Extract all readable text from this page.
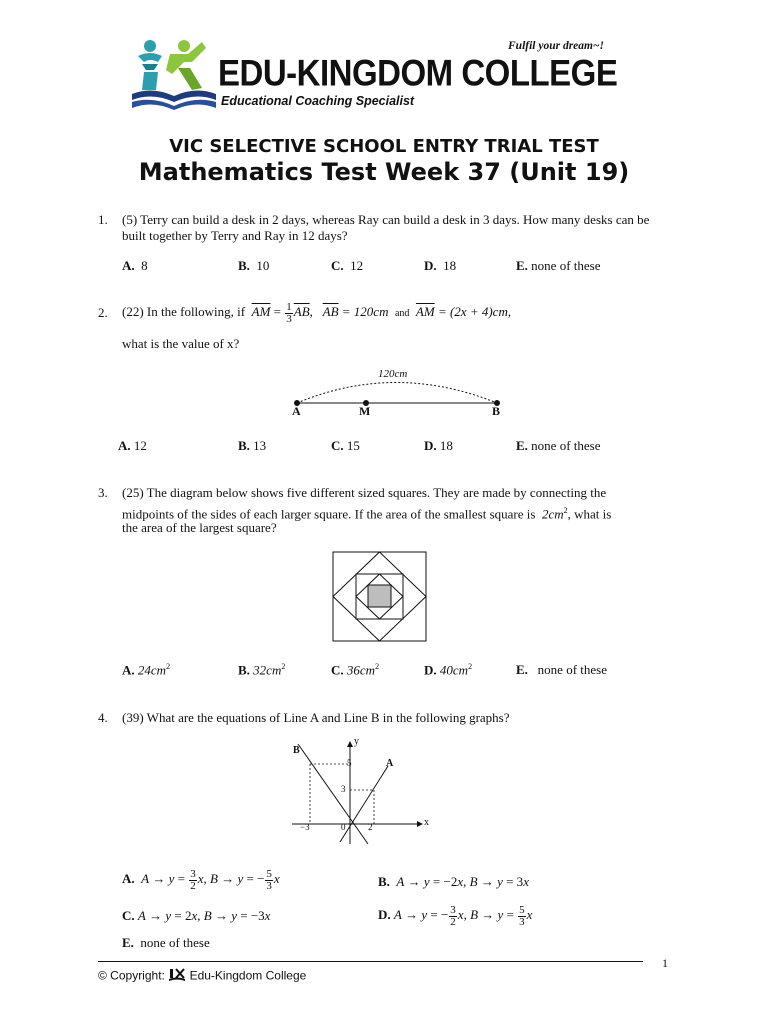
Fulfil your dream~!
EDU-KINGDOM COLLEGE
Educational Coaching Specialist
VIC SELECTIVE SCHOOL ENTRY TRIAL TEST
Mathematics Test Week 37 (Unit 19)
1. (5) Terry can build a desk in 2 days, whereas Ray can build a desk in 3 days. How many desks can be built together by Terry and Ray in 12 days?
A. 8	B. 10	C. 12	D. 18	E. none of these
2. (22) In the following, if $\overline{AM} = \frac{1}{3} \overline{AB}$,   $\overline{AB} = 120cm$ and $\overline{AM} = (2x + 4)cm$,
what is the value of x?
120cm
A	M	B
A. 12	B. 13	C. 15	D. 18	E. none of these
3. (25) The diagram below shows five different sized squares. They are made by connecting the
midpoints of the sides of each larger square. If the area of the smallest square is $2cm^2$, what is
the area of the largest square?
A. $24cm^2$	B. $32cm^2$	C. $36cm^2$	D. $40cm^2$	E. none of these
4. (39) What are the equations of Line A and Line B in the following graphs?
B
A
y
x
5
3
−3	0	2
A. $A \to y = \frac{3}{2} x$, B → y = − $\frac{5}{3}$ x	B. A → y = −2x, B → y = 3x
C. A → y = 2x, B → y = −3x	D. A → y = − $\frac{3}{2} x$, $B \to y = \frac{5}{3}$ x
E. none of these
1
© Copyright: Edu-Kingdom College
